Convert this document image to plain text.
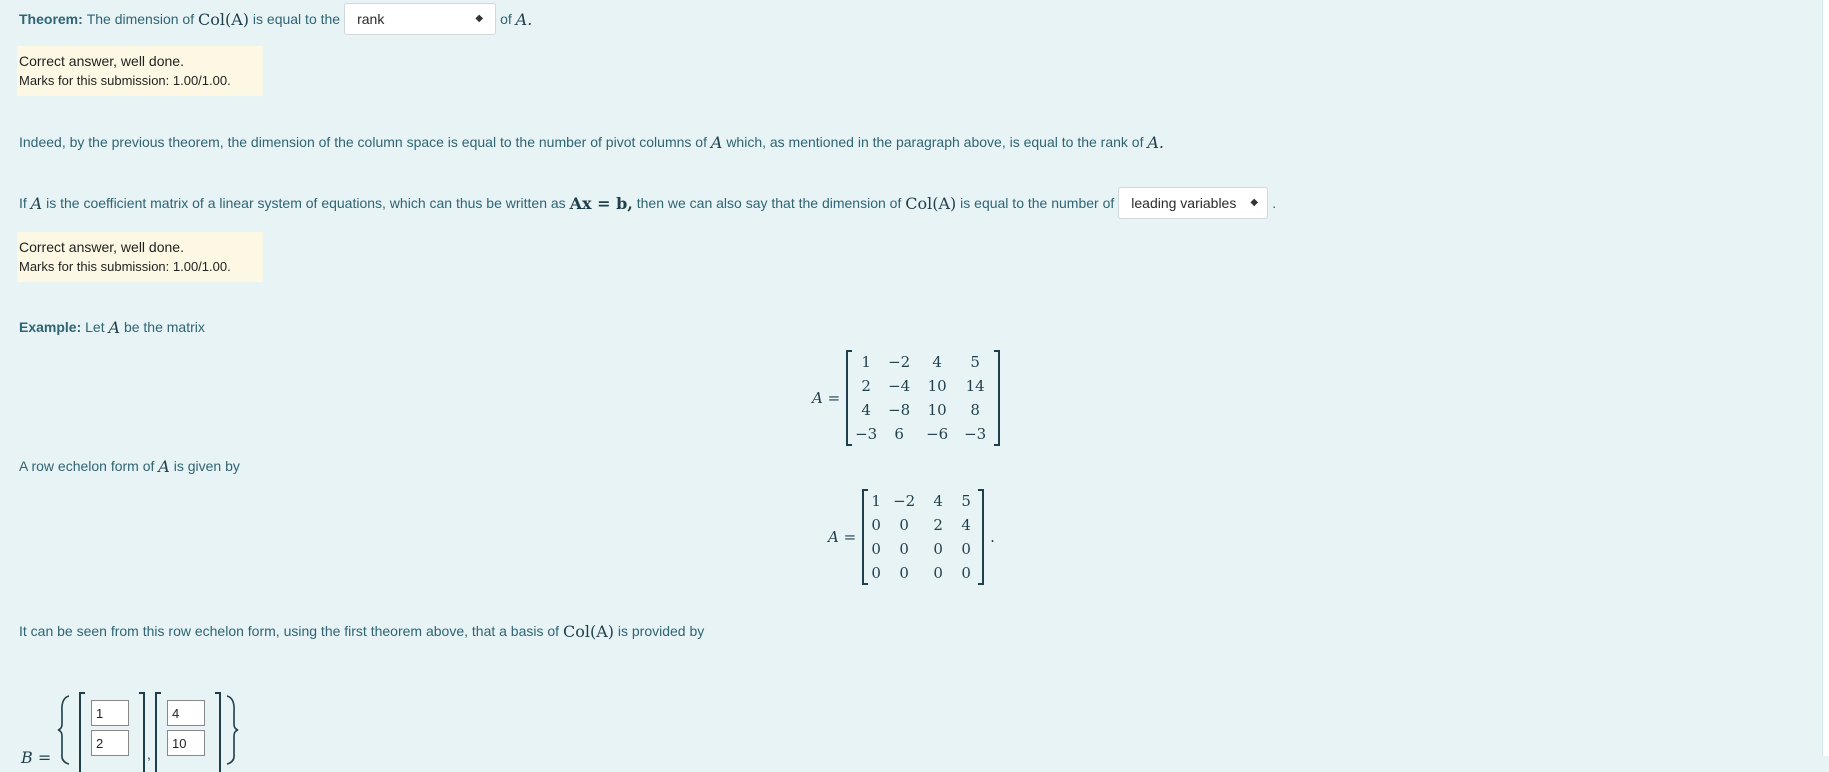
Theorem:
The dimension of
Col(A)
is equal to the rank	◆ of
A.
Correct answer, well done.
Marks for this submission: 1.00/1.00.
Indeed, by the previous theorem, the dimension of the column space is equal to the number of pivot columns of
A
which, as mentioned in the paragraph above, is equal to the rank of
A.
If
A
is the coefficient matrix of a linear system of equations, which can thus be written as
Ax = b,
then we can also say that the dimension of
Col(A)
is equal to the number of leading variables ◆ .
Correct answer, well done.
Marks for this submission: 1.00/1.00.
Example:
Let
A
be the matrix
A =
1	−2	4	5
2	−4	10	14
4	−8	10	8
−3	6	−6	−3
A row echelon form of
A
is given by
A =
1 −2	4	5
0	0	2	4
0	0	0	0
0	0	0	0
.
It can be seen from this row echelon form, using the first theorem above, that a basis of
Col(A)
is provided by
B =
1
2	,
4
10
